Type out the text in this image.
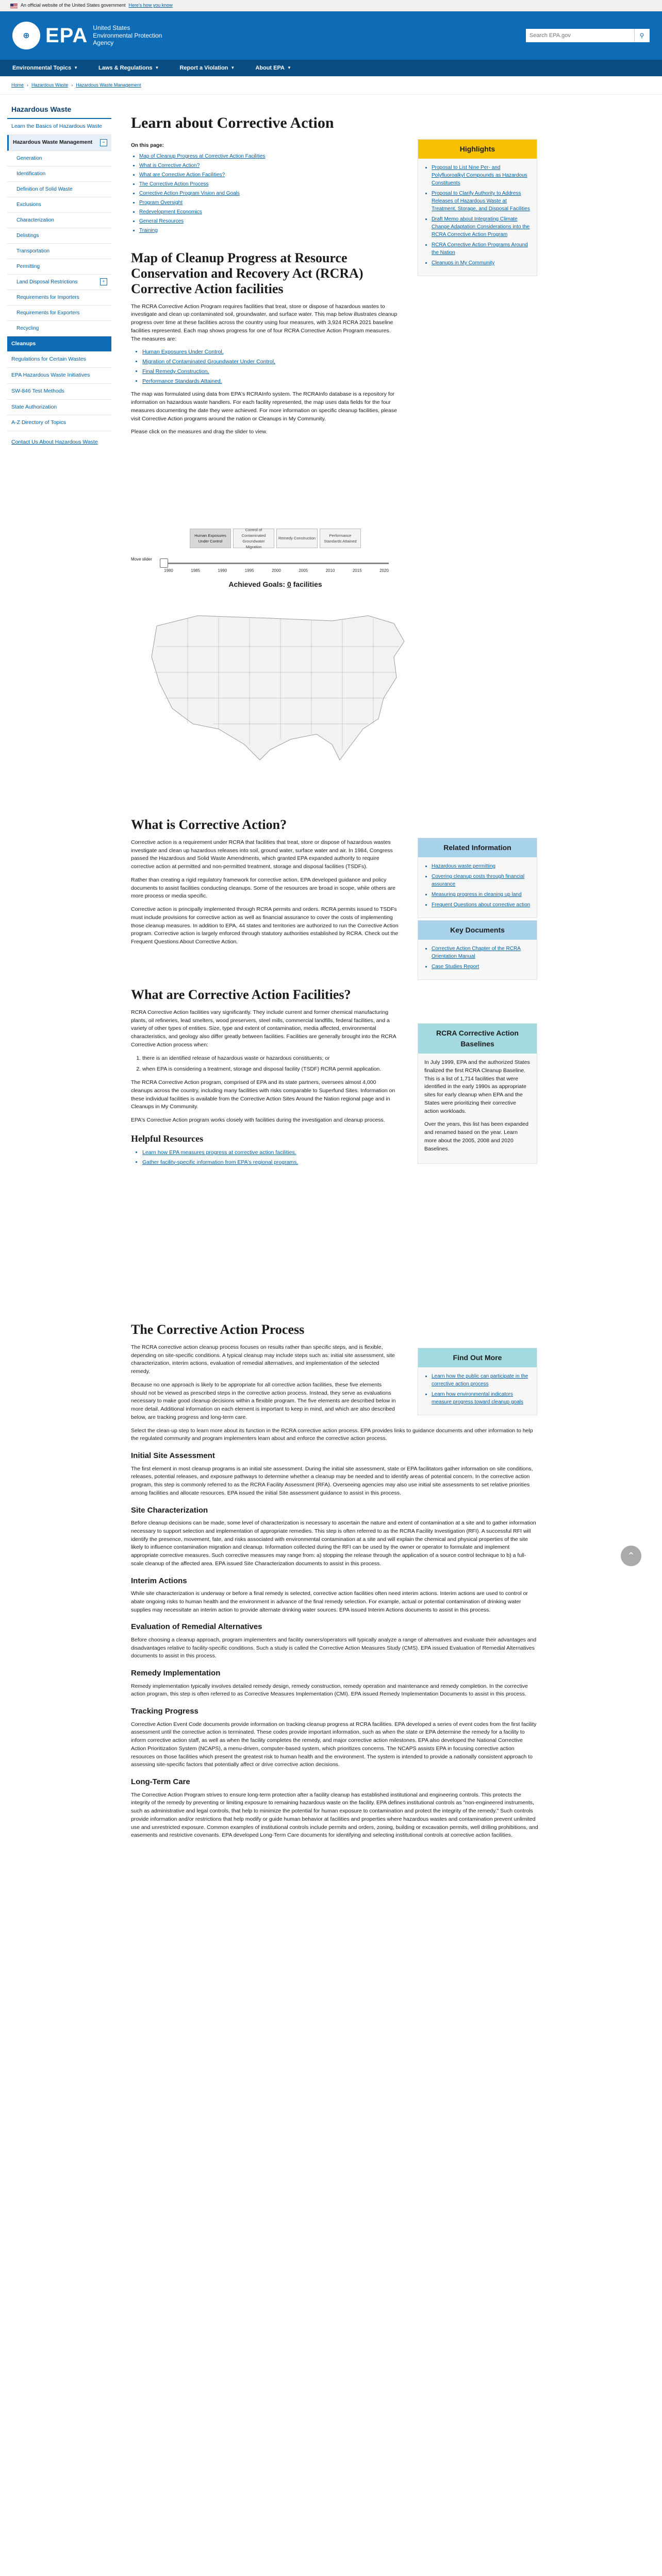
An official website of the United States government Here's how you know
⊕ EPA United States
Environmental Protection
Agency
Search EPA.gov
⚲
Environmental Topics ▼	Laws & Regulations ▼	Report a Violation ▼	About EPA ▼
Home › Hazardous Waste › Hazardous Waste Management
Hazardous Waste
Learn the Basics of Hazardous Waste
Hazardous Waste Management	−
Generation
Identification
Definition of Solid Waste
Exclusions
Characterization
Delistings
Transportation
Permitting
Land Disposal Restrictions	+
Requirements for Importers
Requirements for Exporters
Recycling
Cleanups
Regulations for Certain Wastes
EPA Hazardous Waste Initiatives
SW-846 Test Methods
State Authorization
A-Z Directory of Topics
Contact Us About Hazardous Waste
Learn about Corrective Action
On this page:
• Map of Cleanup Progress at Corrective Action Facilities
• What is Corrective Action?
• What are Corrective Action Facilities?
• The Corrective Action Process
• Corrective Action Program Vision and Goals
• Program Oversight
• Redevelopment Economics
• General Resources
• Training
Highlights
• Proposal to List Nine Per- and Polyfluoroalkyl Compounds as Hazardous Constituents
• Proposal to Clarify Authority to Address Releases of Hazardous Waste at Treatment, Storage, and Disposal Facilities
• Draft Memo about Integrating Climate Change Adaptation Considerations into the RCRA Corrective Action Program
• RCRA Corrective Action Programs Around the Nation
• Cleanups in My Community
Map of Cleanup Progress at Resource Conservation and Recovery Act (RCRA) Corrective Action facilities

The RCRA Corrective Action Program requires facilities that treat, store or dispose of hazardous wastes to investigate and clean up contaminated soil, groundwater, and surface water. This map below illustrates cleanup progress over time at these facilities across the country using four measures, with 3,924 RCRA 2021 baseline facilities represented. Each map shows progress for one of four RCRA Corrective Action Program measures. The measures are:

• Human Exposures Under Control,
• Migration of Contaminated Groundwater Under Control,
• Final Remedy Construction,
• Performance Standards Attained.

The map was formulated using data from EPA's RCRAInfo system. The RCRAInfo database is a repository for information on hazardous waste handlers. For each facility represented, the map uses data fields for the four measures documenting the date they were achieved. For more information on specific cleanup facilities, please visit Corrective Action programs around the nation or Cleanups in My Community.

Please click on the measures and drag the slider to view.

Human Exposures Under Control
Control of Contaminated Groundwater Migration
Remedy Construction
Performance Standards Attained
Move slider
1980	1985	1990	1995	2000	2005	2010	2015	2020
Achieved Goals: 0 facilities
What is Corrective Action?

Corrective action is a requirement under RCRA that facilities that treat, store or dispose of hazardous wastes investigate and clean up hazardous releases into soil, ground water, surface water and air. In 1984, Congress passed the Hazardous and Solid Waste Amendments, which granted EPA expanded authority to require corrective action at permitted and non-permitted treatment, storage and disposal facilities (TSDFs).

Rather than creating a rigid regulatory framework for corrective action, EPA developed guidance and policy documents to assist facilities conducting cleanups. Some of the resources are broad in scope, while others are more process or media specific.

Corrective action is principally implemented through RCRA permits and orders. RCRA permits issued to TSDFs must include provisions for corrective action as well as financial assurance to cover the costs of implementing those cleanup measures. In addition to EPA, 44 states and territories are authorized to run the Corrective Action program. Corrective action is largely enforced through statutory authorities established by RCRA. Check out the Frequent Questions About Corrective Action.

Related Information
• Hazardous waste permitting
• Covering cleanup costs through financial assurance
• Measuring progress in cleaning up land
• Frequent Questions about corrective action
Key Documents
• Corrective Action Chapter of the RCRA Orientation Manual
• Case Studies Report
What are Corrective Action Facilities?

RCRA Corrective Action facilities vary significantly. They include current and former chemical manufacturing plants, oil refineries, lead smelters, wood preservers, steel mills, commercial landfills, federal facilities, and a variety of other types of entities. Size, type and extent of contamination, media affected, environmental characteristics, and geology also differ greatly between facilities. Facilities are generally brought into the RCRA Corrective Action process when:

1. there is an identified release of hazardous waste or hazardous constituents; or
2. when EPA is considering a treatment, storage and disposal facility (TSDF) RCRA permit application.

The RCRA Corrective Action program, comprised of EPA and its state partners, oversees almost 4,000 cleanups across the country, including many facilities with risks comparable to Superfund Sites. Information on these individual facilities is available from the Corrective Action Sites Around the Nation regional page and in Cleanups in My Community.

EPA's Corrective Action program works closely with facilities during the investigation and cleanup process.

Helpful Resources
• Learn how EPA measures progress at corrective action facilities.
• Gather facility-specific information from EPA's regional programs.
RCRA Corrective Action Baselines

In July 1999, EPA and the authorized States finalized the first RCRA Cleanup Baseline. This is a list of 1,714 facilities that were identified in the early 1990s as appropriate sites for early cleanup when EPA and the States were prioritizing their corrective action workloads.

Over the years, this list has been expanded and renamed based on the year. Learn more about the 2005, 2008 and 2020 Baselines.

The Corrective Action Process

The RCRA corrective action cleanup process focuses on results rather than specific steps, and is flexible, depending on site-specific conditions. A typical cleanup may include steps such as: initial site assessment, site characterization, interim actions, evaluation of remedial alternatives, and implementation of the selected remedy.

Because no one approach is likely to be appropriate for all corrective action facilities, these five elements should not be viewed as prescribed steps in the corrective action process. Instead, they serve as evaluations necessary to make good cleanup decisions within a flexible program. The five elements are described below in more detail. Additional information on each element is important to keep in mind, and which are also described below, are tracking progress and long-term care.

Select the clean-up step to learn more about its function in the RCRA corrective action process. EPA provides links to guidance documents and other information to help the regulated community and program implementers learn about and enforce the corrective action process.

Initial Site Assessment

The first element in most cleanup programs is an initial site assessment. During the initial site assessment, state or EPA facilitators gather information on site conditions, releases, potential releases, and exposure pathways to determine whether a cleanup may be needed and to identify areas of potential concern. In the corrective action program, this step is commonly referred to as the RCRA Facility Assessment (RFA). Overseeing agencies may also use initial site assessments to set relative priorities among facilities and allocate resources. EPA issued the initial Site assessment guidance to assist in this process.

Site Characterization

Before cleanup decisions can be made, some level of characterization is necessary to ascertain the nature and extent of contamination at a site and to gather information necessary to support selection and implementation of appropriate remedies. This step is often referred to as the RCRA Facility Investigation (RFI). A successful RFI will identify the presence, movement, fate, and risks associated with environmental contamination at a site and will explain the chemical and physical properties of the site likely to influence contamination migration and cleanup. Information collected during the RFI can be used by the owner or operator to formulate and implement appropriate corrective measures. Such corrective measures may range from: a) stopping the release through the application of a source control technique to b) a full-scale cleanup of the affected area. EPA issued Site Characterization documents to assist in this process.

Interim Actions

While site characterization is underway or before a final remedy is selected, corrective action facilities often need interim actions. Interim actions are used to control or abate ongoing risks to human health and the environment in advance of the final remedy selection. For example, actual or potential contamination of drinking water supplies may necessitate an interim action to provide alternate drinking water sources. EPA issued Interim Actions documents to assist in this process.

Evaluation of Remedial Alternatives

Before choosing a cleanup approach, program implementers and facility owners/operators will typically analyze a range of alternatives and evaluate their advantages and disadvantages relative to facility-specific conditions. Such a study is called the Corrective Action Measures Study (CMS). EPA issued Evaluation of Remedial Alternatives documents to assist in this process.

Remedy Implementation

Remedy implementation typically involves detailed remedy design, remedy construction, remedy operation and maintenance and remedy completion. In the corrective action program, this step is often referred to as Corrective Measures Implementation (CMI). EPA issued Remedy Implementation Documents to assist in this process.

Tracking Progress

Corrective Action Event Code documents provide information on tracking cleanup progress at RCRA facilities. EPA developed a series of event codes from the first facility assessment until the corrective action is terminated. These codes provide important information, such as when the state or EPA determine the remedy for a facility to inform corrective action staff, as well as when the facility completes the remedy, and major corrective action milestones. EPA also developed the National Corrective Action Prioritization System (NCAPS), a menu-driven, computer-based system, which prioritizes concerns. The NCAPS assists EPA in focusing corrective action resources on those facilities which present the greatest risk to human health and the environment. The system is intended to provide a nationally consistent approach to assessing site-specific factors that potentially affect or drive corrective action decisions.

Long-Term Care

The Corrective Action Program strives to ensure long-term protection after a facility cleanup has established institutional and engineering controls. This protects the integrity of the remedy by preventing or limiting exposure to remaining hazardous waste on the facility. EPA defines institutional controls as "non-engineered instruments, such as administrative and legal controls, that help to minimize the potential for human exposure to contamination and protect the integrity of the remedy." Such controls provide information and/or restrictions that help modify or guide human behavior at facilities and properties where hazardous wastes and contamination prevent unlimited use and unrestricted exposure. Common examples of institutional controls include permits and orders, zoning, building or excavation permits, well drilling prohibitions, and easements and restrictive covenants. EPA developed Long-Term Care documents for identifying and selecting institutional controls at corrective action facilities.

Find Out More
• Learn how the public can participate in the corrective action process
• Learn how environmental indicators measure progress toward cleanup goals

⌃
